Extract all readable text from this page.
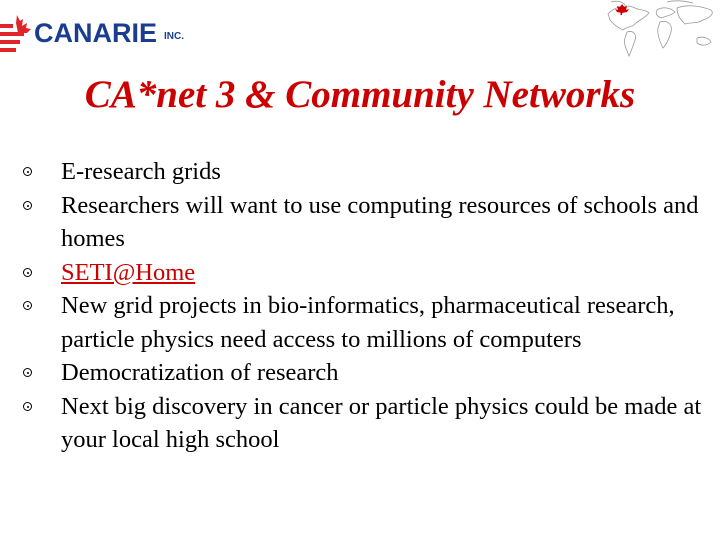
CANARIE INC.
CA*net 3 & Community Networks
E-research grids
Researchers will want to use computing resources of schools and homes
SETI@Home
New grid projects in bio-informatics, pharmaceutical research, particle physics need access to millions of computers
Democratization of research
Next big discovery in cancer or particle physics could be made at your local high school
